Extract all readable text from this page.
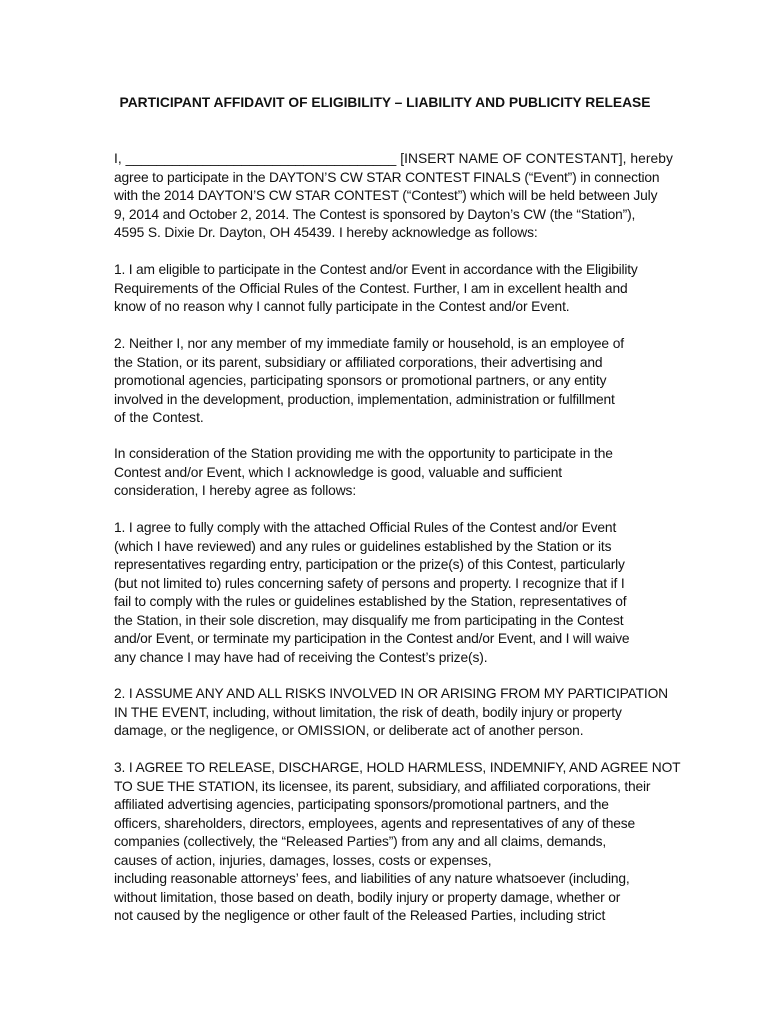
PARTICIPANT AFFIDAVIT OF ELIGIBILITY – LIABILITY AND PUBLICITY RELEASE
I, ___________________________________ [INSERT NAME OF CONTESTANT], hereby
agree to participate in the DAYTON’S CW STAR CONTEST FINALS (“Event”) in connection
with the 2014 DAYTON’S CW STAR CONTEST (“Contest”) which will be held between July
9, 2014 and October 2, 2014. The Contest is sponsored by Dayton’s CW (the “Station”),
4595 S. Dixie Dr. Dayton, OH 45439. I hereby acknowledge as follows:
1. I am eligible to participate in the Contest and/or Event in accordance with the Eligibility
Requirements of the Official Rules of the Contest. Further, I am in excellent health and
know of no reason why I cannot fully participate in the Contest and/or Event.
2. Neither I, nor any member of my immediate family or household, is an employee of
the Station, or its parent, subsidiary or affiliated corporations, their advertising and
promotional agencies, participating sponsors or promotional partners, or any entity
involved in the development, production, implementation, administration or fulfillment
of the Contest.
In consideration of the Station providing me with the opportunity to participate in the
Contest and/or Event, which I acknowledge is good, valuable and sufficient
consideration, I hereby agree as follows:
1. I agree to fully comply with the attached Official Rules of the Contest and/or Event
(which I have reviewed) and any rules or guidelines established by the Station or its
representatives regarding entry, participation or the prize(s) of this Contest, particularly
(but not limited to) rules concerning safety of persons and property. I recognize that if I
fail to comply with the rules or guidelines established by the Station, representatives of
the Station, in their sole discretion, may disqualify me from participating in the Contest
and/or Event, or terminate my participation in the Contest and/or Event, and I will waive
any chance I may have had of receiving the Contest’s prize(s).
2. I ASSUME ANY AND ALL RISKS INVOLVED IN OR ARISING FROM MY PARTICIPATION
IN THE EVENT, including, without limitation, the risk of death, bodily injury or property
damage, or the negligence, or OMISSION, or deliberate act of another person.
3. I AGREE TO RELEASE, DISCHARGE, HOLD HARMLESS, INDEMNIFY, AND AGREE NOT
TO SUE THE STATION, its licensee, its parent, subsidiary, and affiliated corporations, their
affiliated advertising agencies, participating sponsors/promotional partners, and the
officers, shareholders, directors, employees, agents and representatives of any of these
companies (collectively, the “Released Parties”) from any and all claims, demands,
causes of action, injuries, damages, losses, costs or expenses,
including reasonable attorneys’ fees, and liabilities of any nature whatsoever (including,
without limitation, those based on death, bodily injury or property damage, whether or
not caused by the negligence or other fault of the Released Parties, including strict
